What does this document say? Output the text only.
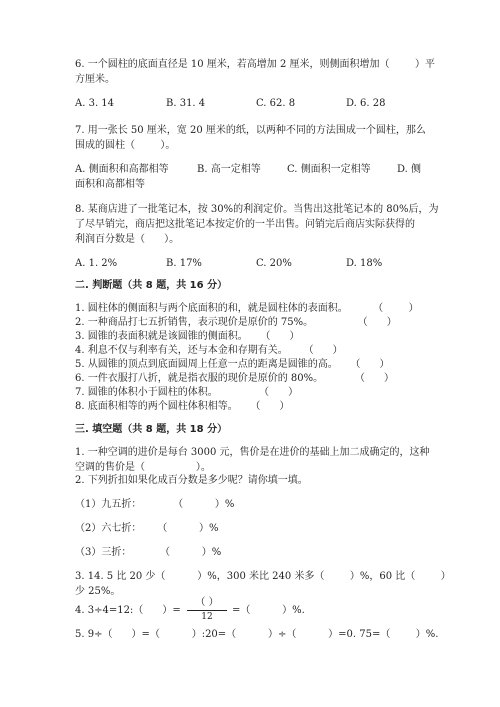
6. 一个圆柱的底面直径是 10 厘米，若高增加 2 厘米，则侧面积增加（        ）平
方厘米。
A. 3. 14	B. 31. 4	C. 62. 8	D. 6. 28
7. 用一张长 50 厘米，宽 20 厘米的纸，以两种不同的方法围成一个圆柱，那么
围成的圆柱（        ）。
A. 侧面积和高都相等	B. 高一定相等	C. 侧面积一定相等	D. 侧
面积和高都相等
8. 某商店进了一批笔记本，按 30%的利润定价。当售出这批笔记本的 80%后，为
了尽早销完，商店把这批笔记本按定价的一半出售。问销完后商店实际获得的
利润百分数是（      ）。
A. 1. 2%	B. 17%	C. 20%	D. 18%
二. 判断题（共 8 题，共 16 分）
1. 圆柱体的侧面积与两个底面积的和，就是圆柱体的表面积。        （        ）
2. 一种商品打七五折销售，表示现价是原价的 75%。              （      ）
3. 圆锥的表面积就是该圆锥的侧面积。    （      ）
4. 利息不仅与利率有关，还与本金和存期有关。     （      ）
5. 从圆锥的顶点到底面圆周上任意一点的距离是圆锥的高。    （      ）
6. 一件衣服打八折，就是指衣服的现价是原价的 80%。          （      ）
7. 圆锥的体积小于圆柱的体积。             （      ）
8. 底面积相等的两个圆柱体积相等。    （      ）
三. 填空题（共 8 题，共 18 分）
1. 一种空调的进价是每台 3000 元，售价是在进价的基础上加二成确定的，这种
空调的售价是（                ）。
2. 下列折扣如果化成百分数是多少呢？请你填一填。
（1）九五折：          （          ）%
（2）六七折：     （          ）%
（3）三折：         （          ）%
3. 14. 5 比 20 少（          ）%，300 米比 240 米多（        ）%，60 比（        ）
少 25%。
4. 3÷4=12:（      ）=
（ ）
12
=（          ）%.
5. 9÷（      ）=（          ）:20=（          ）÷（          ）=0. 75=（        ）%.
